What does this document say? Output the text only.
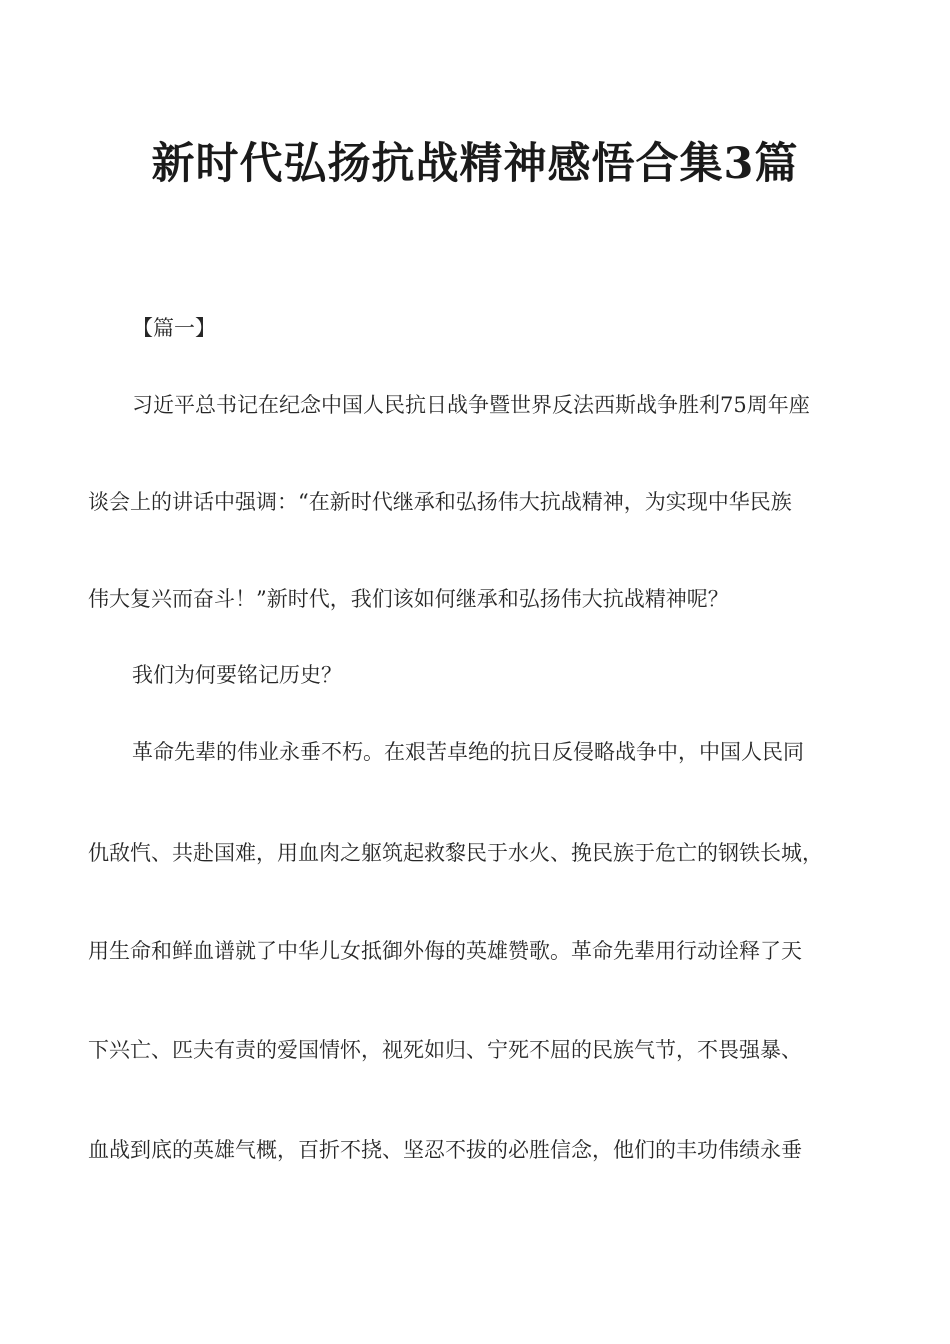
新时代弘扬抗战精神感悟合集3篇
【篇一】
习近平总书记在纪念中国人民抗日战争暨世界反法西斯战争胜利75周年座
谈会上的讲话中强调：“在新时代继承和弘扬伟大抗战精神，为实现中华民族
伟大复兴而奋斗！”新时代，我们该如何继承和弘扬伟大抗战精神呢？
我们为何要铭记历史？
革命先辈的伟业永垂不朽。在艰苦卓绝的抗日反侵略战争中，中国人民同
仇敌忾、共赴国难，用血肉之躯筑起救黎民于水火、挽民族于危亡的钢铁长城，
用生命和鲜血谱就了中华儿女抵御外侮的英雄赞歌。革命先辈用行动诠释了天
下兴亡、匹夫有责的爱国情怀，视死如归、宁死不屈的民族气节，不畏强暴、
血战到底的英雄气概，百折不挠、坚忍不拔的必胜信念，他们的丰功伟绩永垂
